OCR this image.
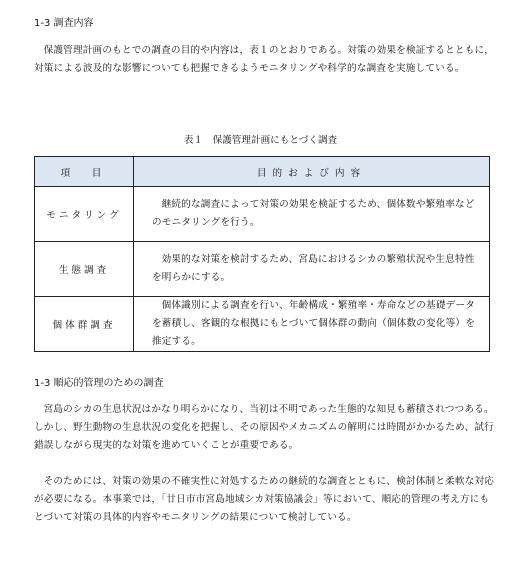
1-3 調査内容
保護管理計画のもとでの調査の目的や内容は，表１のとおりである。対策の効果を検証するとともに，対策による波及的な影響についても把握できるようモニタリングや科学的な調査を実施している。
表１　保護管理計画にもとづく調査
項　目	目的および内容
モニタリング	継続的な調査によって対策の効果を検証するため、個体数や繁殖率などのモニタリングを行う。
生態調査	効果的な対策を検討するため、宮島におけるシカの繁殖状況や生息特性を明らかにする。
個体群調査	個体識別による調査を行い、年齢構成・繁殖率・寿命などの基礎データを蓄積し、客観的な根拠にもとづいて個体群の動向（個体数の変化等）を推定する。
1-3 順応的管理のための調査
宮島のシカの生息状況はかなり明らかになり、当初は不明であった生態的な知見も蓄積されつつある。しかし、野生動物の生息状況の変化を把握し、その原因やメカニズムの解明には時間がかかるため、試行錯誤しながら現実的な対策を進めていくことが重要である。
そのためには、対策の効果の不確実性に対処するための継続的な調査とともに、検討体制と柔軟な対応が必要になる。本事業では，「廿日市市宮島地域シカ対策協議会」等において、順応的管理の考え方にもとづいて対策の具体的内容やモニタリングの結果について検討している。
